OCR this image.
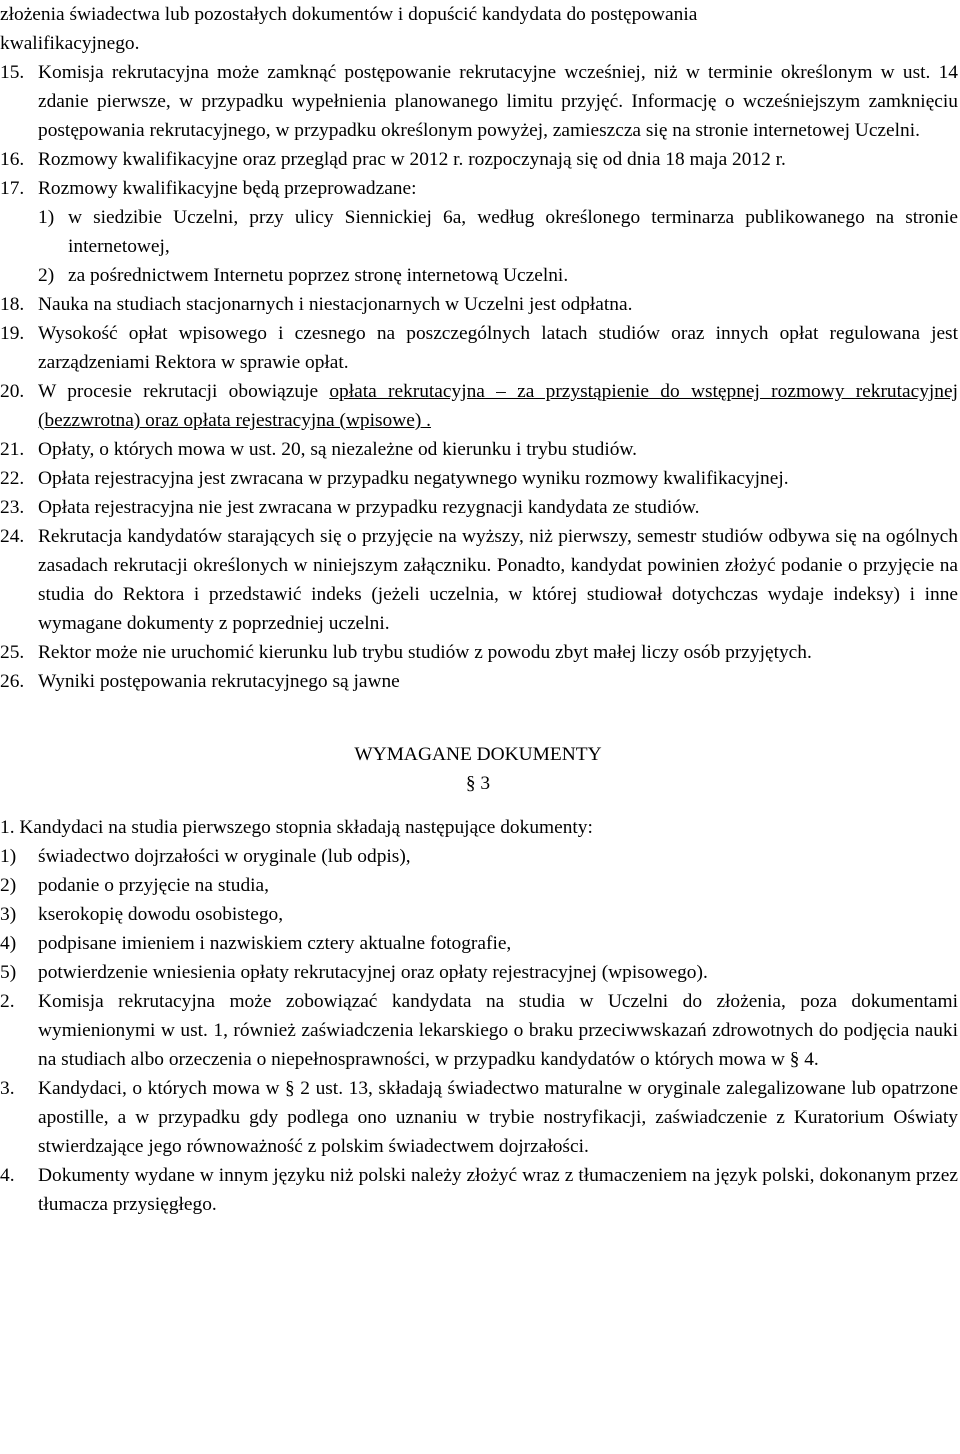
złożenia świadectwa lub pozostałych dokumentów i dopuścić kandydata do postępowania
kwalifikacyjnego.
15. Komisja rekrutacyjna może zamknąć postępowanie rekrutacyjne wcześniej, niż w terminie określonym w ust. 14 zdanie pierwsze, w przypadku wypełnienia planowanego limitu przyjęć. Informację o wcześniejszym zamknięciu postępowania rekrutacyjnego, w przypadku określonym powyżej, zamieszcza się na stronie internetowej Uczelni.
16. Rozmowy kwalifikacyjne oraz przegląd prac w 2012 r. rozpoczynają się od dnia 18 maja 2012 r.
17. Rozmowy kwalifikacyjne będą przeprowadzane:
1) w siedzibie Uczelni, przy ulicy Siennickiej 6a, według określonego terminarza publikowanego na stronie internetowej,
2) za pośrednictwem Internetu poprzez stronę internetową Uczelni.
18. Nauka na studiach stacjonarnych i niestacjonarnych w Uczelni jest odpłatna.
19. Wysokość opłat wpisowego i czesnego na poszczególnych latach studiów oraz innych opłat regulowana jest zarządzeniami Rektora w sprawie opłat.
20. W procesie rekrutacji obowiązuje opłata rekrutacyjna – za przystąpienie do wstępnej rozmowy rekrutacyjnej (bezzwrotna) oraz opłata rejestracyjna (wpisowe) .
21. Opłaty, o których mowa w ust. 20, są niezależne od kierunku i trybu studiów.
22. Opłata rejestracyjna jest zwracana w przypadku negatywnego wyniku rozmowy kwalifikacyjnej.
23. Opłata rejestracyjna nie jest zwracana w przypadku rezygnacji kandydata ze studiów.
24. Rekrutacja kandydatów starających się o przyjęcie na wyższy, niż pierwszy, semestr studiów odbywa się na ogólnych zasadach rekrutacji określonych w niniejszym załączniku. Ponadto, kandydat powinien złożyć podanie o przyjęcie na studia do Rektora i przedstawić indeks (jeżeli uczelnia, w której studiował dotychczas wydaje indeksy) i inne wymagane dokumenty z poprzedniej uczelni.
25. Rektor może nie uruchomić kierunku lub trybu studiów z powodu zbyt małej liczy osób przyjętych.
26. Wyniki postępowania rekrutacyjnego są jawne
WYMAGANE DOKUMENTY
§ 3
1.
Kandydaci na studia pierwszego stopnia składają następujące dokumenty:
1)	świadectwo dojrzałości w oryginale (lub odpis),
2)	podanie o przyjęcie na studia,
3)	kserokopię dowodu osobistego,
4)	podpisane imieniem i nazwiskiem cztery aktualne fotografie,
5)	potwierdzenie wniesienia opłaty rekrutacyjnej oraz opłaty rejestracyjnej (wpisowego).
2.	Komisja rekrutacyjna może zobowiązać kandydata na studia w Uczelni do złożenia, poza dokumentami wymienionymi w ust. 1, również zaświadczenia lekarskiego o braku przeciwwskazań zdrowotnych do podjęcia nauki na studiach albo orzeczenia o niepełnosprawności, w przypadku kandydatów o których mowa w § 4.
3.	Kandydaci, o których mowa w § 2 ust. 13, składają świadectwo maturalne w oryginale zalegalizowane lub opatrzone apostille, a w przypadku gdy podlega ono uznaniu w trybie nostryfikacji, zaświadczenie z Kuratorium Oświaty stwierdzające jego równoważność z polskim świadectwem dojrzałości.
4.	Dokumenty wydane w innym języku niż polski należy złożyć wraz z tłumaczeniem na język polski, dokonanym przez tłumacza przysięgłego.
